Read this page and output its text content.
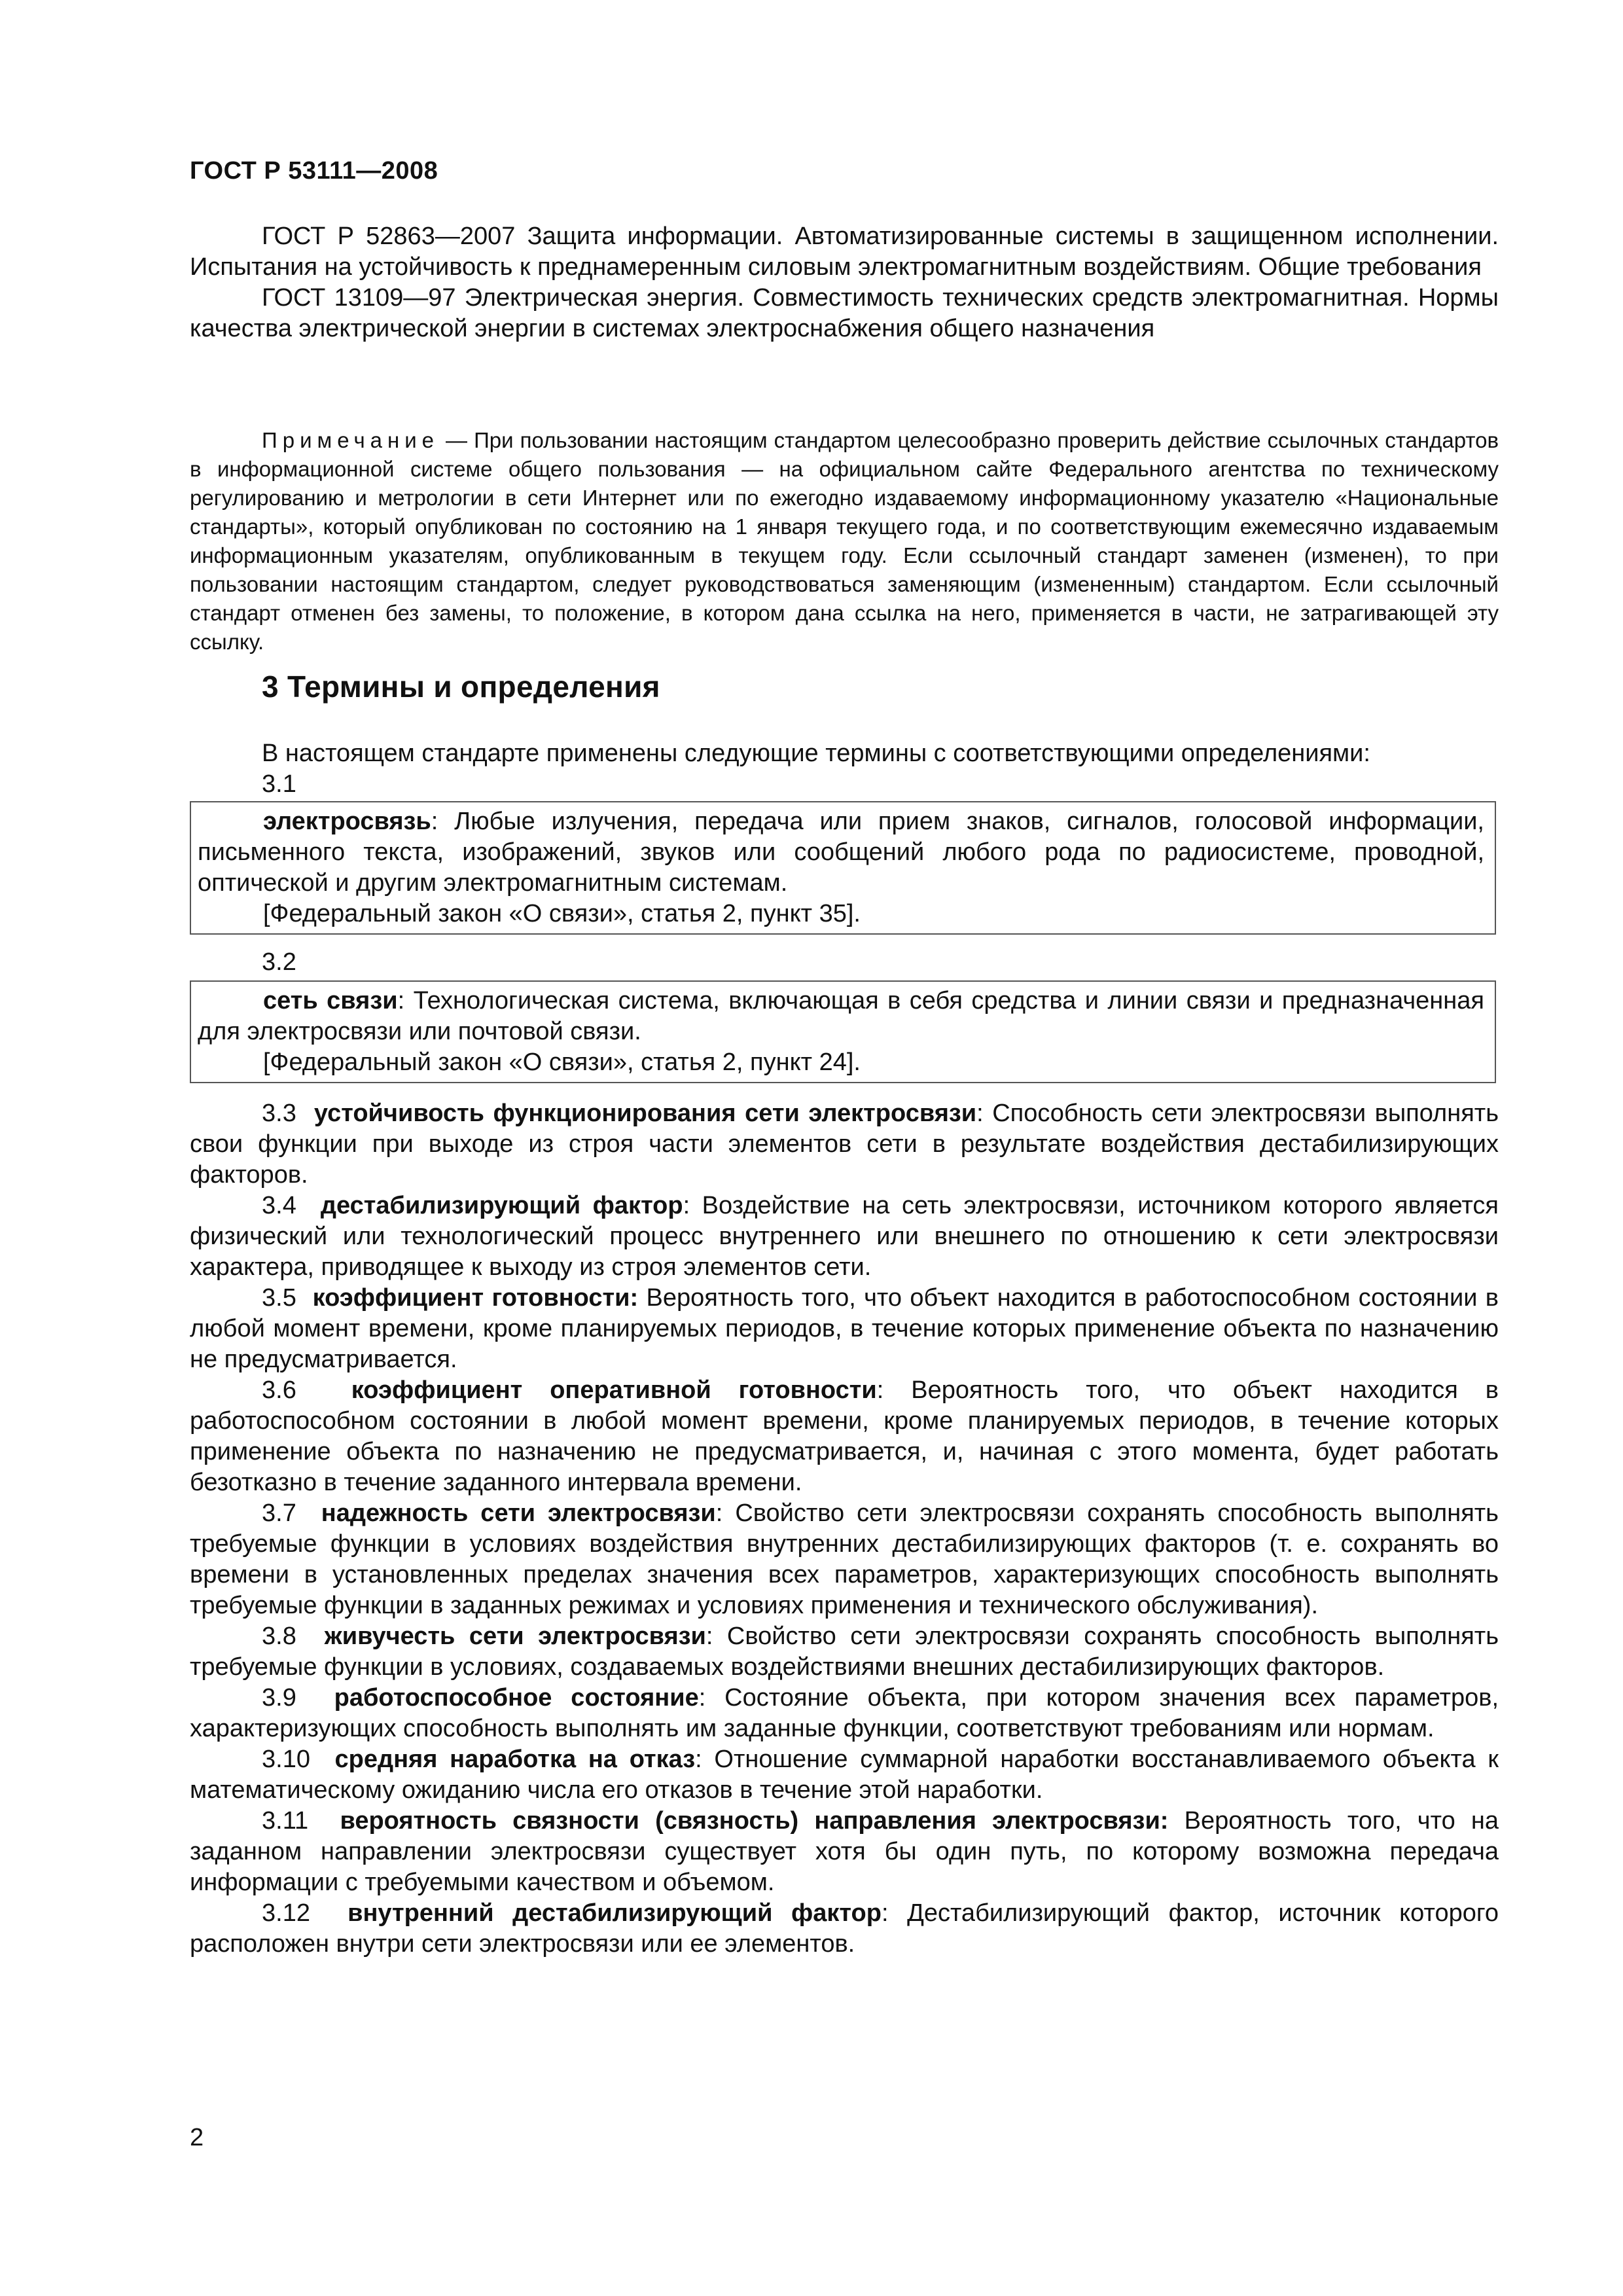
ГОСТ Р 53111—2008

ГОСТ Р 52863—2007 Защита информации. Автоматизированные системы в защищенном исполнении. Испытания на устойчивость к преднамеренным силовым электромагнитным воздействиям. Общие требования

ГОСТ 13109—97 Электрическая энергия. Совместимость технических средств электромагнитная. Нормы качества электрической энергии в системах электроснабжения общего назначения

Примечание — При пользовании настоящим стандартом целесообразно проверить действие ссылочных стандартов в информационной системе общего пользования — на официальном сайте Федерального агентства по техническому регулированию и метрологии в сети Интернет или по ежегодно издаваемому информационному указателю «Национальные стандарты», который опубликован по состоянию на 1 января текущего года, и по соответствующим ежемесячно издаваемым информационным указателям, опубликованным в текущем году. Если ссылочный стандарт заменен (изменен), то при пользовании настоящим стандартом, следует руководствоваться заменяющим (измененным) стандартом. Если ссылочный стандарт отменен без замены, то положение, в котором дана ссылка на него, применяется в части, не затрагивающей эту ссылку.

3 Термины и определения

В настоящем стандарте применены следующие термины с соответствующими определениями:

3.1

электросвязь: Любые излучения, передача или прием знаков, сигналов, голосовой информации, письменного текста, изображений, звуков или сообщений любого рода по радиосистеме, проводной, оптической и другим электромагнитным системам.

[Федеральный закон «О связи», статья 2, пункт 35].
3.2

сеть связи: Технологическая система, включающая в себя средства и линии связи и предназначенная для электросвязи или почтовой связи.

[Федеральный закон «О связи», статья 2, пункт 24].

3.3 устойчивость функционирования сети электросвязи: Способность сети электросвязи выполнять свои функции при выходе из строя части элементов сети в результате воздействия дестабилизирующих факторов.

3.4 дестабилизирующий фактор: Воздействие на сеть электросвязи, источником которого является физический или технологический процесс внутреннего или внешнего по отношению к сети электросвязи характера, приводящее к выходу из строя элементов сети.

3.5 коэффициент готовности: Вероятность того, что объект находится в работоспособном состоянии в любой момент времени, кроме планируемых периодов, в течение которых применение объекта по назначению не предусматривается.

3.6 коэффициент оперативной готовности: Вероятность того, что объект находится в работоспособном состоянии в любой момент времени, кроме планируемых периодов, в течение которых применение объекта по назначению не предусматривается, и, начиная с этого момента, будет работать безотказно в течение заданного интервала времени.

3.7 надежность сети электросвязи: Свойство сети электросвязи сохранять способность выполнять требуемые функции в условиях воздействия внутренних дестабилизирующих факторов (т. е. сохранять во времени в установленных пределах значения всех параметров, характеризующих способность выполнять требуемые функции в заданных режимах и условиях применения и технического обслуживания).

3.8 живучесть сети электросвязи: Свойство сети электросвязи сохранять способность выполнять требуемые функции в условиях, создаваемых воздействиями внешних дестабилизирующих факторов.

3.9 работоспособное состояние: Состояние объекта, при котором значения всех параметров, характеризующих способность выполнять им заданные функции, соответствуют требованиям или нормам.

3.10 средняя наработка на отказ: Отношение суммарной наработки восстанавливаемого объекта к математическому ожиданию числа его отказов в течение этой наработки.

3.11 вероятность связности (связность) направления электросвязи: Вероятность того, что на заданном направлении электросвязи существует хотя бы один путь, по которому возможна передача информации с требуемыми качеством и объемом.

3.12 внутренний дестабилизирующий фактор: Дестабилизирующий фактор, источник которого расположен внутри сети электросвязи или ее элементов.

2
